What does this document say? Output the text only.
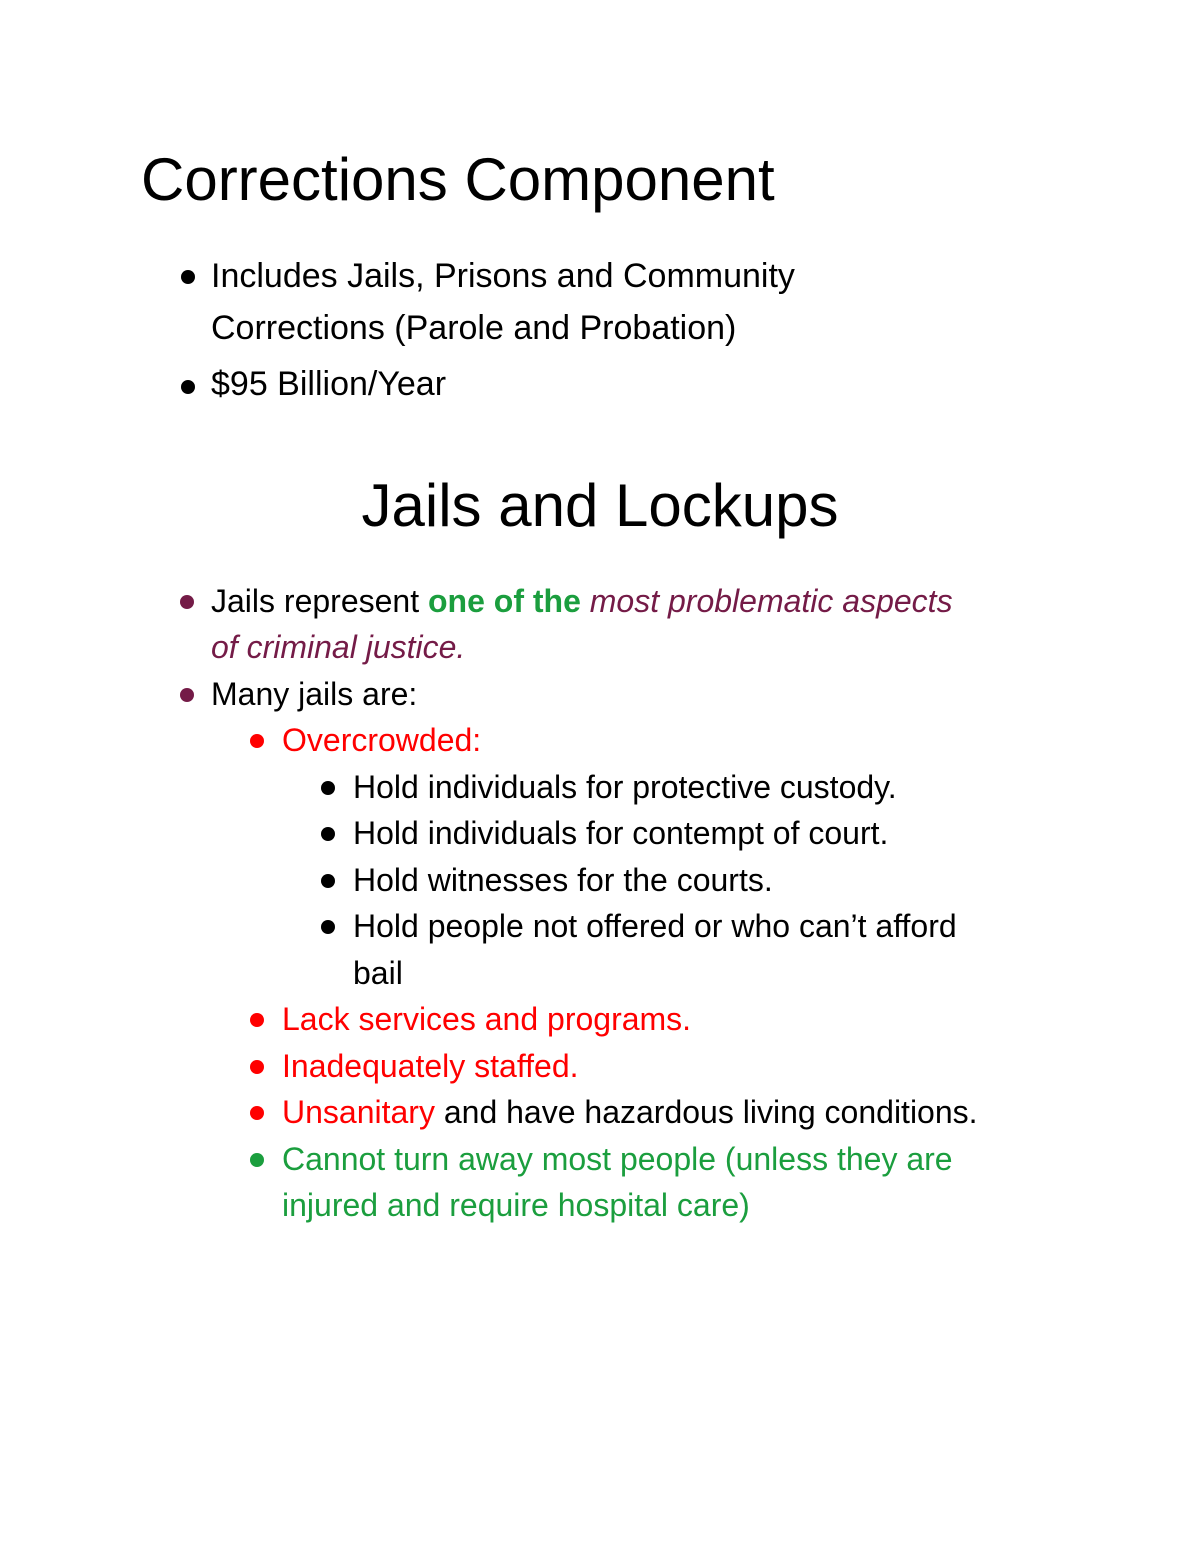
Corrections Component
Includes Jails, Prisons and Community
Corrections (Parole and Probation)
$95 Billion/Year
Jails and Lockups
Jails represent one of the most problematic aspects
of criminal justice.
Many jails are:
Overcrowded:
Hold individuals for protective custody.
Hold individuals for contempt of court.
Hold witnesses for the courts.
Hold people not offered or who can’t afford
bail
Lack services and programs.
Inadequately staffed.
Unsanitary and have hazardous living conditions.
Cannot turn away most people (unless they are
injured and require hospital care)
